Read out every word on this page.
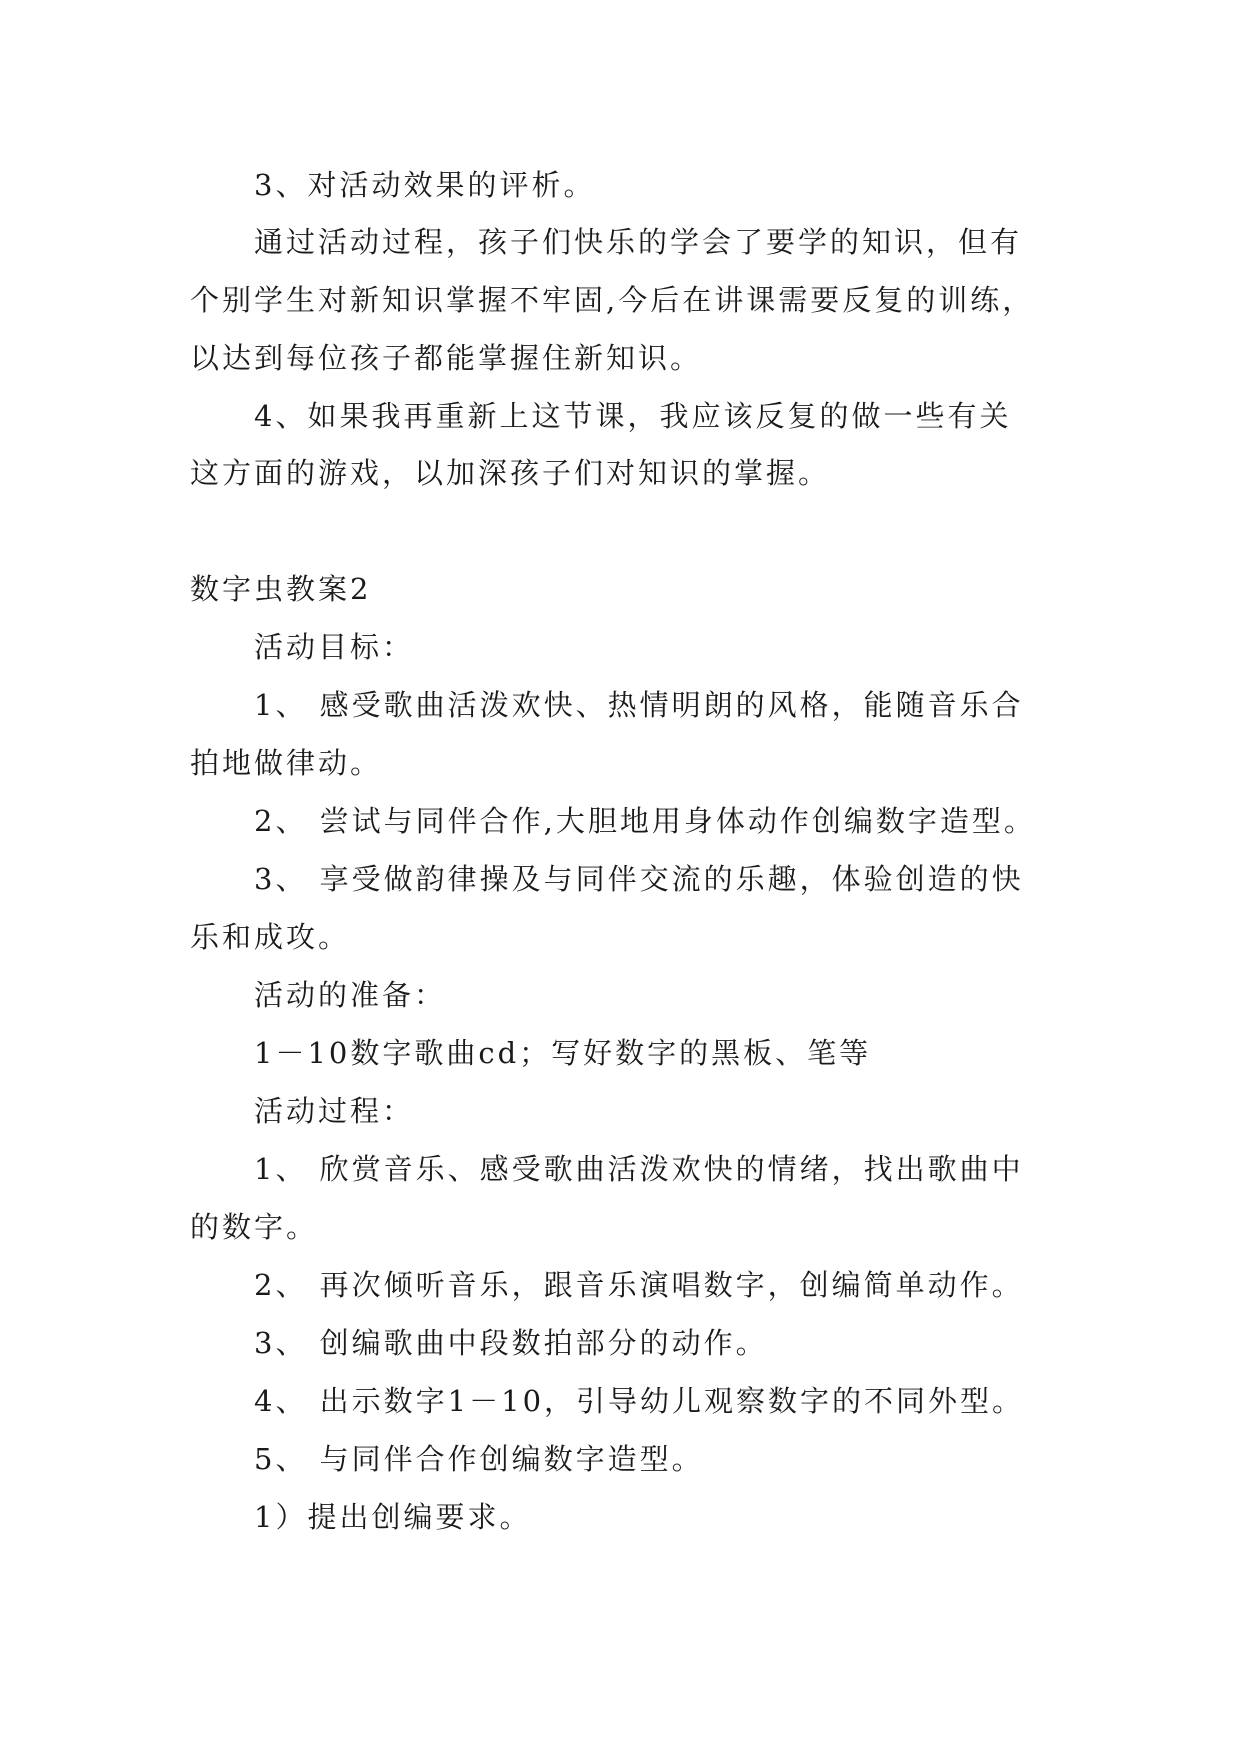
3、对活动效果的评析。
通过活动过程，孩子们快乐的学会了要学的知识，但有
个别学生对新知识掌握不牢固,今后在讲课需要反复的训练，
以达到每位孩子都能掌握住新知识。
4、如果我再重新上这节课，我应该反复的做一些有关
这方面的游戏，以加深孩子们对知识的掌握。
数字虫教案2
活动目标：
1、 感受歌曲活泼欢快、热情明朗的风格，能随音乐合
拍地做律动。
2、 尝试与同伴合作,大胆地用身体动作创编数字造型。
3、 享受做韵律操及与同伴交流的乐趣，体验创造的快
乐和成攻。
活动的准备：
1－10数字歌曲cd；写好数字的黑板、笔等
活动过程：
1、 欣赏音乐、感受歌曲活泼欢快的情绪，找出歌曲中
的数字。
2、 再次倾听音乐，跟音乐演唱数字，创编简单动作。
3、 创编歌曲中段数拍部分的动作。
4、 出示数字1－10，引导幼儿观察数字的不同外型。
5、 与同伴合作创编数字造型。
1）提出创编要求。
